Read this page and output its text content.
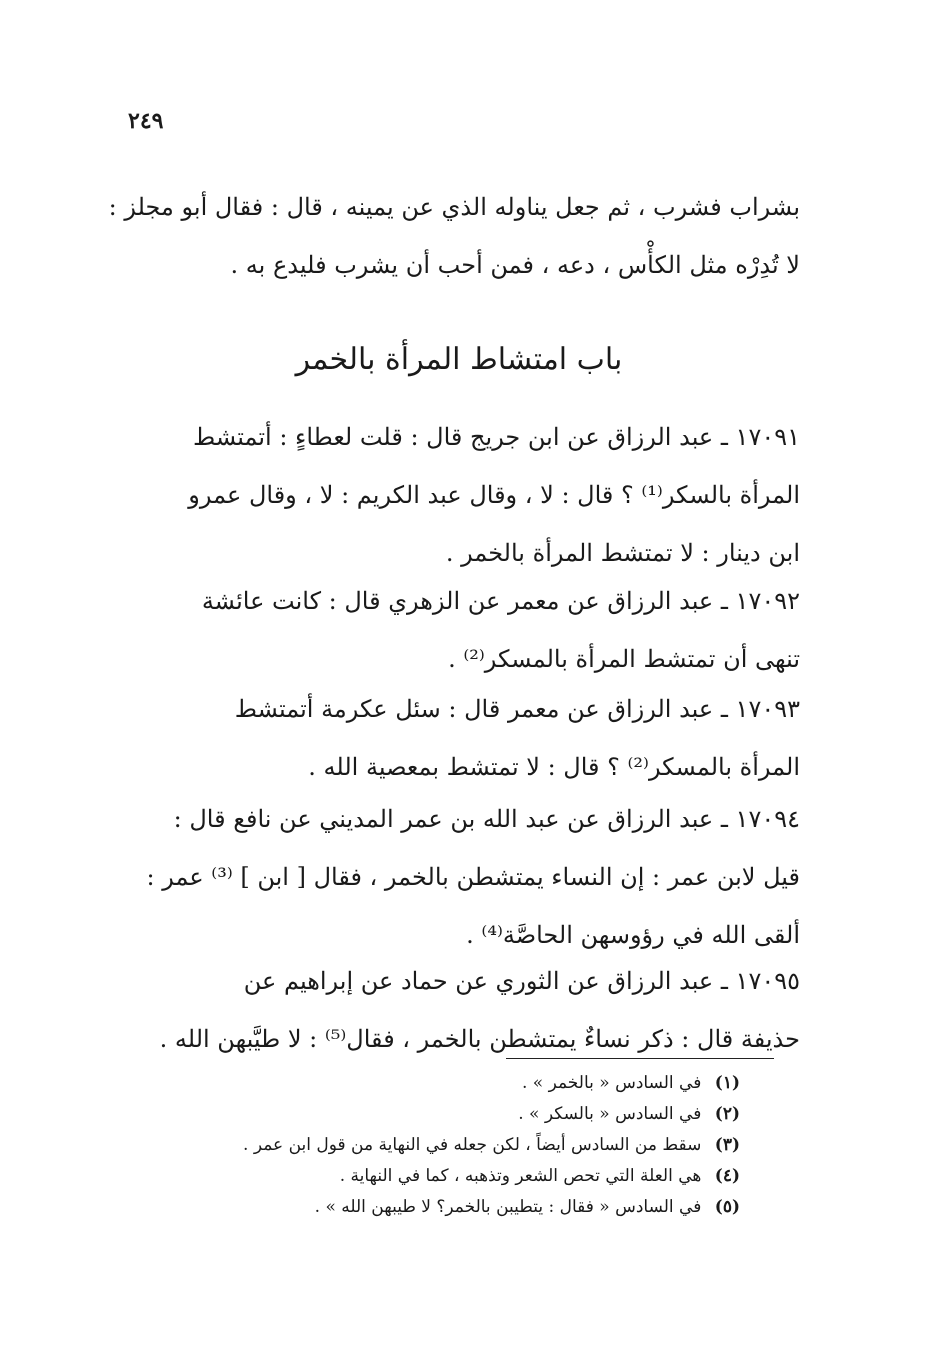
٢٤٩
بشراب فشرب ، ثم جعل يناوله الذي عن يمينه ، قال : فقال أبو مجلز :
لا تُدِرْه مثل الكأْس ، دعه ، فمن أحب أن يشرب فليدع به .
باب امتشاط المرأة بالخمر
١٧٠٩١ ـ عبد الرزاق عن ابن جريج قال : قلت لعطاءٍ : أتمتشط
المرأة بالسكر⁽¹⁾ ؟ قال : لا ، وقال عبد الكريم : لا ، وقال عمرو
ابن دينار : لا تمتشط المرأة بالخمر .
١٧٠٩٢ ـ عبد الرزاق عن معمر عن الزهري قال : كانت عائشة
تنهى أن تمتشط المرأة بالمسكر⁽²⁾ .
١٧٠٩٣ ـ عبد الرزاق عن معمر قال : سئل عكرمة أتمتشط
المرأة بالمسكر⁽²⁾ ؟ قال : لا تمتشط بمعصية الله .
١٧٠٩٤ ـ عبد الرزاق عن عبد الله بن عمر المديني عن نافع قال :
قيل لابن عمر : إن النساء يمتشطن بالخمر ، فقال [ ابن ] ⁽³⁾ عمر :
ألقى الله في رؤوسهن الحاصَّة⁽⁴⁾ .
١٧٠٩٥ ـ عبد الرزاق عن الثوري عن حماد عن إبراهيم عن
حذيفة قال : ذكر نساءٌ يمتشطن بالخمر ، فقال⁽⁵⁾ : لا طيَّبهن الله .
(١) في السادس « بالخمر » .
(٢) في السادس « بالسكر » .
(٣) سقط من السادس أيضاً ، لكن جعله في النهاية من قول ابن عمر .
(٤) هي العلة التي تحص الشعر وتذهبه ، كما في النهاية .
(٥) في السادس « فقال : يتطيبن بالخمر؟ لا طيبهن الله » .
